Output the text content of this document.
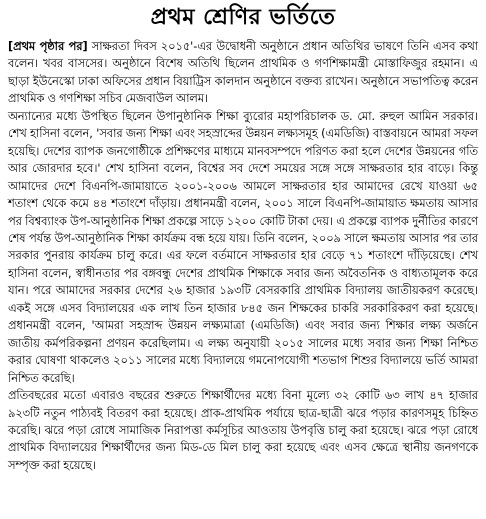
প্রথম শ্রেণির ভর্তিতে

[প্রথম পৃষ্ঠার পর] সাক্ষরতা দিবস ২০১৫'-এর উদ্বোধনী অনুষ্ঠানে প্রধান অতিথির ভাষণে তিনি এসব কথা বলেন। খবর বাসসের। অনুষ্ঠানে বিশেষ অতিথি ছিলেন প্রাথমিক ও গণশিক্ষামন্ত্রী মোস্তাফিজুর রহমান। এ ছাড়া ইউনেস্কো ঢাকা অফিসের প্রধান বিয়াট্রিস কালদান অনুষ্ঠানে বক্তব্য রাখেন। অনুষ্ঠানে সভাপতিত্ব করেন প্রাথমিক ও গণশিক্ষা সচিব মেজবাউল আলম।

অন্যান্যের মধ্যে উপস্থিত ছিলেন উপানুষ্ঠানিক শিক্ষা ব্যুরোর মহাপরিচালক ড. মো. রুহুল আমিন সরকার। শেখ হাসিনা বলেন, 'সবার জন্য শিক্ষা এবং সহস্রাব্দের উন্নয়ন লক্ষ্যসমূহ (এমডিজি) বাস্তবায়নে আমরা সফল হয়েছি। দেশের ব্যাপক জনগোষ্ঠীকে প্রশিক্ষণের মাধ্যমে মানবসম্পদে পরিণত করা হলে দেশের উন্নয়নের গতি আর জোরদার হবে।' শেখ হাসিনা বলেন, বিশ্বের সব দেশে সময়ের সঙ্গে সঙ্গে সাক্ষরতার হার বাড়ে। কিন্তু আমাদের দেশে বিএনপি-জামায়াতে ২০০১-২০০৬ আমলে সাক্ষরতার হার আমাদের রেখে যাওয়া ৬৫ শতাংশ থেকে কমে ৪৪ শতাংশে দাঁড়ায়। প্রধানমন্ত্রী বলেন, ২০০১ সালে বিএনপি-জামায়াত ক্ষমতায় আসার পর বিশ্বব্যাংক উপ-আনুষ্ঠানিক শিক্ষা প্রকল্পে সাড়ে ১২০০ কোটি টাকা দেয়। এ প্রকল্পে ব্যাপক দুর্নীতির কারণে শেষ পর্যন্ত উপ-আনুষ্ঠানিক শিক্ষা কার্যক্রম বন্ধ হয়ে যায়। তিনি বলেন, ২০০৯ সালে ক্ষমতায় আসার পর তার সরকার পুনরায় কার্যক্রম চালু করে। এর ফলে বর্তমানে সাক্ষরতার হার বেড়ে ৭১ শতাংশে দাঁড়িয়েছে। শেখ হাসিনা বলেন, স্বাধীনতার পর বঙ্গবন্ধু দেশের প্রাথমিক শিক্ষাকে সবার জন্য অবৈতনিক ও বাধ্যতামূলক করে যান। পরে আমাদের সরকার দেশের ২৬ হাজার ১৯৩টি বেসরকারি প্রাথমিক বিদ্যালয় জাতীয়করণ করেছে। একই সঙ্গে এসব বিদ্যালয়ের এক লাখ তিন হাজার ৮৪৫ জন শিক্ষকের চাকরি সরকারিকরণ করা হয়েছে। প্রধানমন্ত্রী বলেন, 'আমরা সহস্রাব্দ উন্নয়ন লক্ষ্যমাত্রা (এমডিজি) এবং সবার জন্য শিক্ষার লক্ষ্য অর্জনে জাতীয় কর্মপরিকল্পনা প্রণয়ন করেছিলাম। এ লক্ষ্য অনুযায়ী ২০১৫ সালের মধ্যে সবার জন্য শিক্ষা নিশ্চিত করার ঘোষণা থাকলেও ২০১১ সালের মধ্যে বিদ্যালয়ে গমনোপযোগী শতভাগ শিশুর বিদ্যালয়ে ভর্তি আমরা নিশ্চিত করেছি।

প্রতিবছরের মতো এবারও বছরের শুরুতে শিক্ষার্থীদের মধ্যে বিনা মূল্যে ৩২ কোটি ৬৩ লাখ ৪৭ হাজার ৯২৩টি নতুন পাঠ্যবই বিতরণ করা হয়েছে। প্রাক-প্রাথমিক পর্যায়ে ছাত্র-ছাত্রী ঝরে পড়ার কারণসমূহ চিহ্নিত করেছি। ঝরে পড়া রোধে সামাজিক নিরাপত্তা কর্মসূচির আওতায় উপবৃত্তি চালু করা হয়েছে। ঝরে পড়া রোধে প্রাথমিক বিদ্যালয়ের শিক্ষার্থীদের জন্য মিড-ডে মিল চালু করা হয়েছে এবং এসব ক্ষেত্রে স্থানীয় জনগণকে সম্পৃক্ত করা হয়েছে।
